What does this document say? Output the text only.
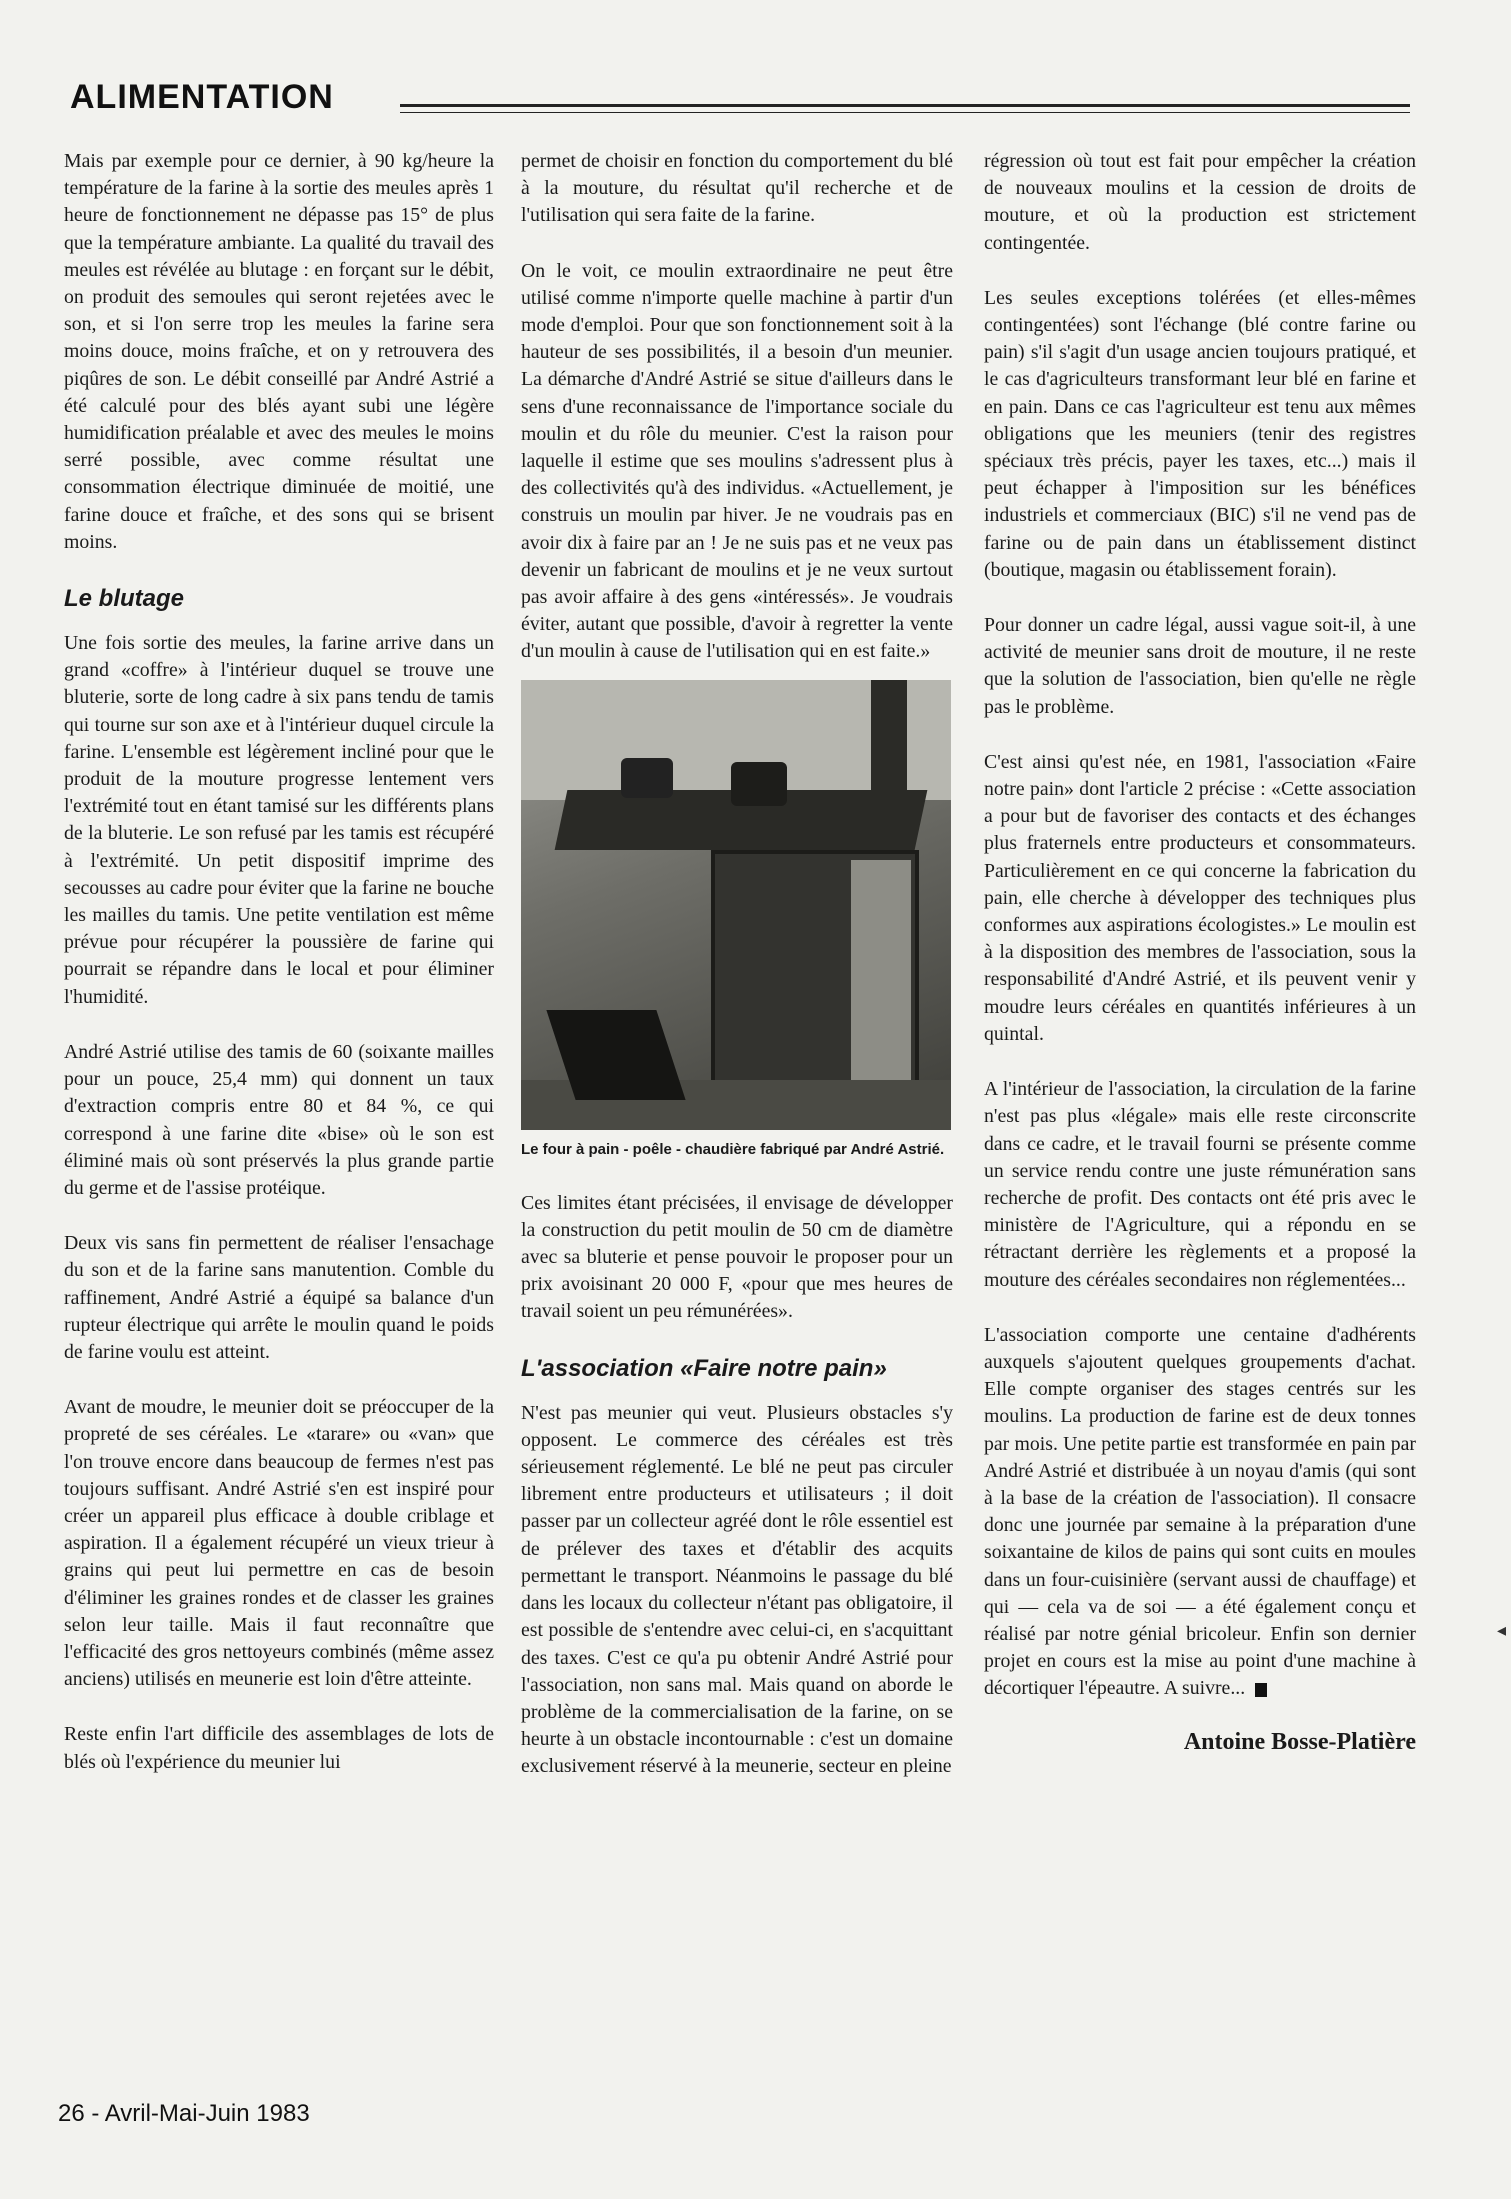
ALIMENTATION

Mais par exemple pour ce dernier, à 90 kg/heure la température de la farine à la sortie des meules après 1 heure de fonctionnement ne dépasse pas 15° de plus que la température ambiante. La qualité du travail des meules est révélée au blutage : en forçant sur le débit, on produit des semoules qui seront rejetées avec le son, et si l'on serre trop les meules la farine sera moins douce, moins fraîche, et on y retrouvera des piqûres de son. Le débit conseillé par André Astrié a été calculé pour des blés ayant subi une légère humidification préalable et avec des meules le moins serré possible, avec comme résultat une consommation électrique diminuée de moitié, une farine douce et fraîche, et des sons qui se brisent moins.

Le blutage

Une fois sortie des meules, la farine arrive dans un grand «coffre» à l'intérieur duquel se trouve une bluterie, sorte de long cadre à six pans tendu de tamis qui tourne sur son axe et à l'intérieur duquel circule la farine. L'ensemble est légèrement incliné pour que le produit de la mouture progresse lentement vers l'extrémité tout en étant tamisé sur les différents plans de la bluterie. Le son refusé par les tamis est récupéré à l'extrémité. Un petit dispositif imprime des secousses au cadre pour éviter que la farine ne bouche les mailles du tamis. Une petite ventilation est même prévue pour récupérer la poussière de farine qui pourrait se répandre dans le local et pour éliminer l'humidité.

André Astrié utilise des tamis de 60 (soixante mailles pour un pouce, 25,4 mm) qui donnent un taux d'extraction compris entre 80 et 84 %, ce qui correspond à une farine dite «bise» où le son est éliminé mais où sont préservés la plus grande partie du germe et de l'assise protéique.

Deux vis sans fin permettent de réaliser l'ensachage du son et de la farine sans manutention. Comble du raffinement, André Astrié a équipé sa balance d'un rupteur électrique qui arrête le moulin quand le poids de farine voulu est atteint.

Avant de moudre, le meunier doit se préoccuper de la propreté de ses céréales. Le «tarare» ou «van» que l'on trouve encore dans beaucoup de fermes n'est pas toujours suffisant. André Astrié s'en est inspiré pour créer un appareil plus efficace à double criblage et aspiration. Il a également récupéré un vieux trieur à grains qui peut lui permettre en cas de besoin d'éliminer les graines rondes et de classer les graines selon leur taille. Mais il faut reconnaître que l'efficacité des gros nettoyeurs combinés (même assez anciens) utilisés en meunerie est loin d'être atteinte.

Reste enfin l'art difficile des assemblages de lots de blés où l'expérience du meunier lui

permet de choisir en fonction du comportement du blé à la mouture, du résultat qu'il recherche et de l'utilisation qui sera faite de la farine.

On le voit, ce moulin extraordinaire ne peut être utilisé comme n'importe quelle machine à partir d'un mode d'emploi. Pour que son fonctionnement soit à la hauteur de ses possibilités, il a besoin d'un meunier. La démarche d'André Astrié se situe d'ailleurs dans le sens d'une reconnaissance de l'importance sociale du moulin et du rôle du meunier. C'est la raison pour laquelle il estime que ses moulins s'adressent plus à des collectivités qu'à des individus. «Actuellement, je construis un moulin par hiver. Je ne voudrais pas en avoir dix à faire par an ! Je ne suis pas et ne veux pas devenir un fabricant de moulins et je ne veux surtout pas avoir affaire à des gens «intéressés». Je voudrais éviter, autant que possible, d'avoir à regretter la vente d'un moulin à cause de l'utilisation qui en est faite.»

Le four à pain - poêle - chaudière fabriqué par André Astrié.

Ces limites étant précisées, il envisage de développer la construction du petit moulin de 50 cm de diamètre avec sa bluterie et pense pouvoir le proposer pour un prix avoisinant 20 000 F, «pour que mes heures de travail soient un peu rémunérées».

L'association «Faire notre pain»

N'est pas meunier qui veut. Plusieurs obstacles s'y opposent. Le commerce des céréales est très sérieusement réglementé. Le blé ne peut pas circuler librement entre producteurs et utilisateurs ; il doit passer par un collecteur agréé dont le rôle essentiel est de prélever des taxes et d'établir des acquits permettant le transport. Néanmoins le passage du blé dans les locaux du collecteur n'étant pas obligatoire, il est possible de s'entendre avec celui-ci, en s'acquittant des taxes. C'est ce qu'a pu obtenir André Astrié pour l'association, non sans mal. Mais quand on aborde le problème de la commercialisation de la farine, on se heurte à un obstacle incontournable : c'est un domaine exclusivement réservé à la meunerie, secteur en pleine

régression où tout est fait pour empêcher la création de nouveaux moulins et la cession de droits de mouture, et où la production est strictement contingentée.

Les seules exceptions tolérées (et elles-mêmes contingentées) sont l'échange (blé contre farine ou pain) s'il s'agit d'un usage ancien toujours pratiqué, et le cas d'agriculteurs transformant leur blé en farine et en pain. Dans ce cas l'agriculteur est tenu aux mêmes obligations que les meuniers (tenir des registres spéciaux très précis, payer les taxes, etc...) mais il peut échapper à l'imposition sur les bénéfices industriels et commerciaux (BIC) s'il ne vend pas de farine ou de pain dans un établissement distinct (boutique, magasin ou établissement forain).

Pour donner un cadre légal, aussi vague soit-il, à une activité de meunier sans droit de mouture, il ne reste que la solution de l'association, bien qu'elle ne règle pas le problème.

C'est ainsi qu'est née, en 1981, l'association «Faire notre pain» dont l'article 2 précise : «Cette association a pour but de favoriser des contacts et des échanges plus fraternels entre producteurs et consommateurs. Particulièrement en ce qui concerne la fabrication du pain, elle cherche à développer des techniques plus conformes aux aspirations écologistes.» Le moulin est à la disposition des membres de l'association, sous la responsabilité d'André Astrié, et ils peuvent venir y moudre leurs céréales en quantités inférieures à un quintal.

A l'intérieur de l'association, la circulation de la farine n'est pas plus «légale» mais elle reste circonscrite dans ce cadre, et le travail fourni se présente comme un service rendu contre une juste rémunération sans recherche de profit. Des contacts ont été pris avec le ministère de l'Agriculture, qui a répondu en se rétractant derrière les règlements et a proposé la mouture des céréales secondaires non réglementées...

L'association comporte une centaine d'adhérents auxquels s'ajoutent quelques groupements d'achat. Elle compte organiser des stages centrés sur les moulins. La production de farine est de deux tonnes par mois. Une petite partie est transformée en pain par André Astrié et distribuée à un noyau d'amis (qui sont à la base de la création de l'association). Il consacre donc une journée par semaine à la préparation d'une soixantaine de kilos de pains qui sont cuits en moules dans un four-cuisinière (servant aussi de chauffage) et qui — cela va de soi — a été également conçu et réalisé par notre génial bricoleur. Enfin son dernier projet en cours est la mise au point d'une machine à décortiquer l'épeautre. A suivre...

Antoine Bosse-Platière
26 - Avril-Mai-Juin 1983
◂
